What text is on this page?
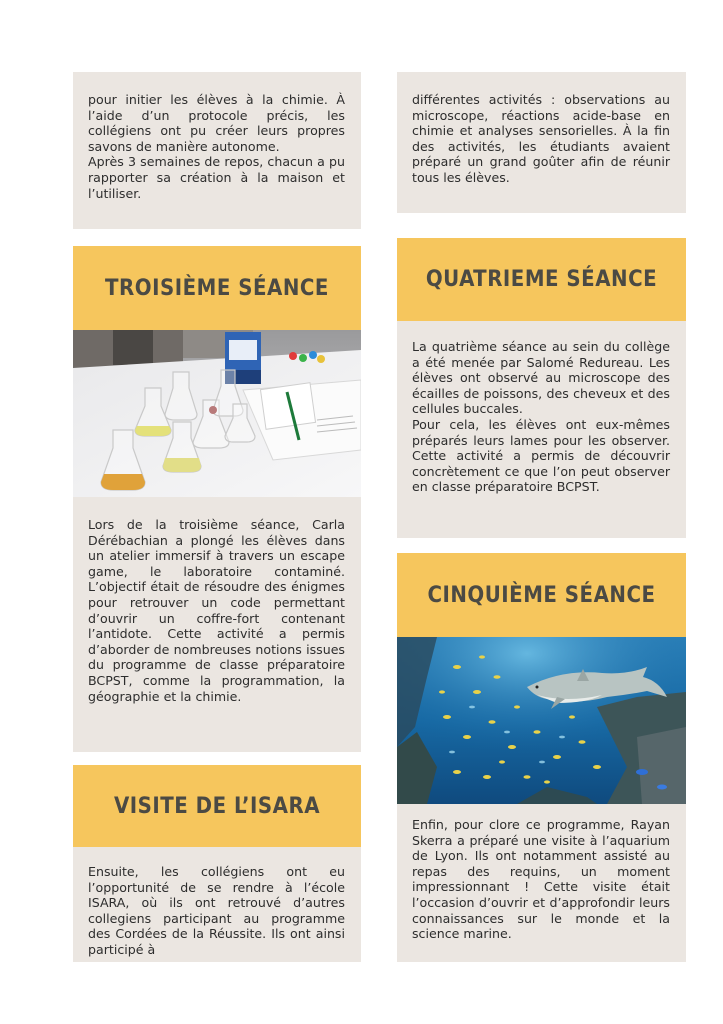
pour initier les élèves à la chimie. À l’aide d’un protocole précis, les collégiens ont pu créer leurs propres savons de manière autonome.

Après 3 semaines de repos, chacun a pu rapporter sa création à la maison et l’utiliser.

TROISIÈME SÉANCE
Lors de la troisième séance, Carla Dérébachian a plongé les élèves dans un atelier immersif à travers un escape game, le laboratoire contaminé. L’objectif était de résoudre des énigmes pour retrouver un code permettant d’ouvrir un coffre-fort contenant l’antidote. Cette activité a permis d’aborder de nombreuses notions issues du programme de classe préparatoire BCPST, comme la programmation, la géographie et la chimie.
VISITE DE L’ISARA
Ensuite, les collégiens ont eu l’opportunité de se rendre à l’école ISARA, où ils ont retrouvé d’autres collegiens participant au programme des Cordées de la Réussite. Ils ont ainsi participé à
différentes activités : observations au microscope, réactions acide-base en chimie et analyses sensorielles. À la fin des activités, les étudiants avaient préparé un grand goûter afin de réunir tous les élèves.
QUATRIEME SÉANCE

La quatrième séance au sein du collège a été menée par Salomé Redureau. Les élèves ont observé au microscope des écailles de poissons, des cheveux et des cellules buccales.

Pour cela, les élèves ont eux-mêmes préparés leurs lames pour les observer. Cette activité a permis de découvrir concrètement ce que l’on peut observer en classe préparatoire BCPST.

CINQUIÈME SÉANCE
Enfin, pour clore ce programme, Rayan Skerra a préparé une visite à l’aquarium de Lyon. Ils ont notamment assisté au repas des requins, un moment impressionnant ! Cette visite était l’occasion d’ouvrir et d’approfondir leurs connaissances sur le monde et la science marine.
